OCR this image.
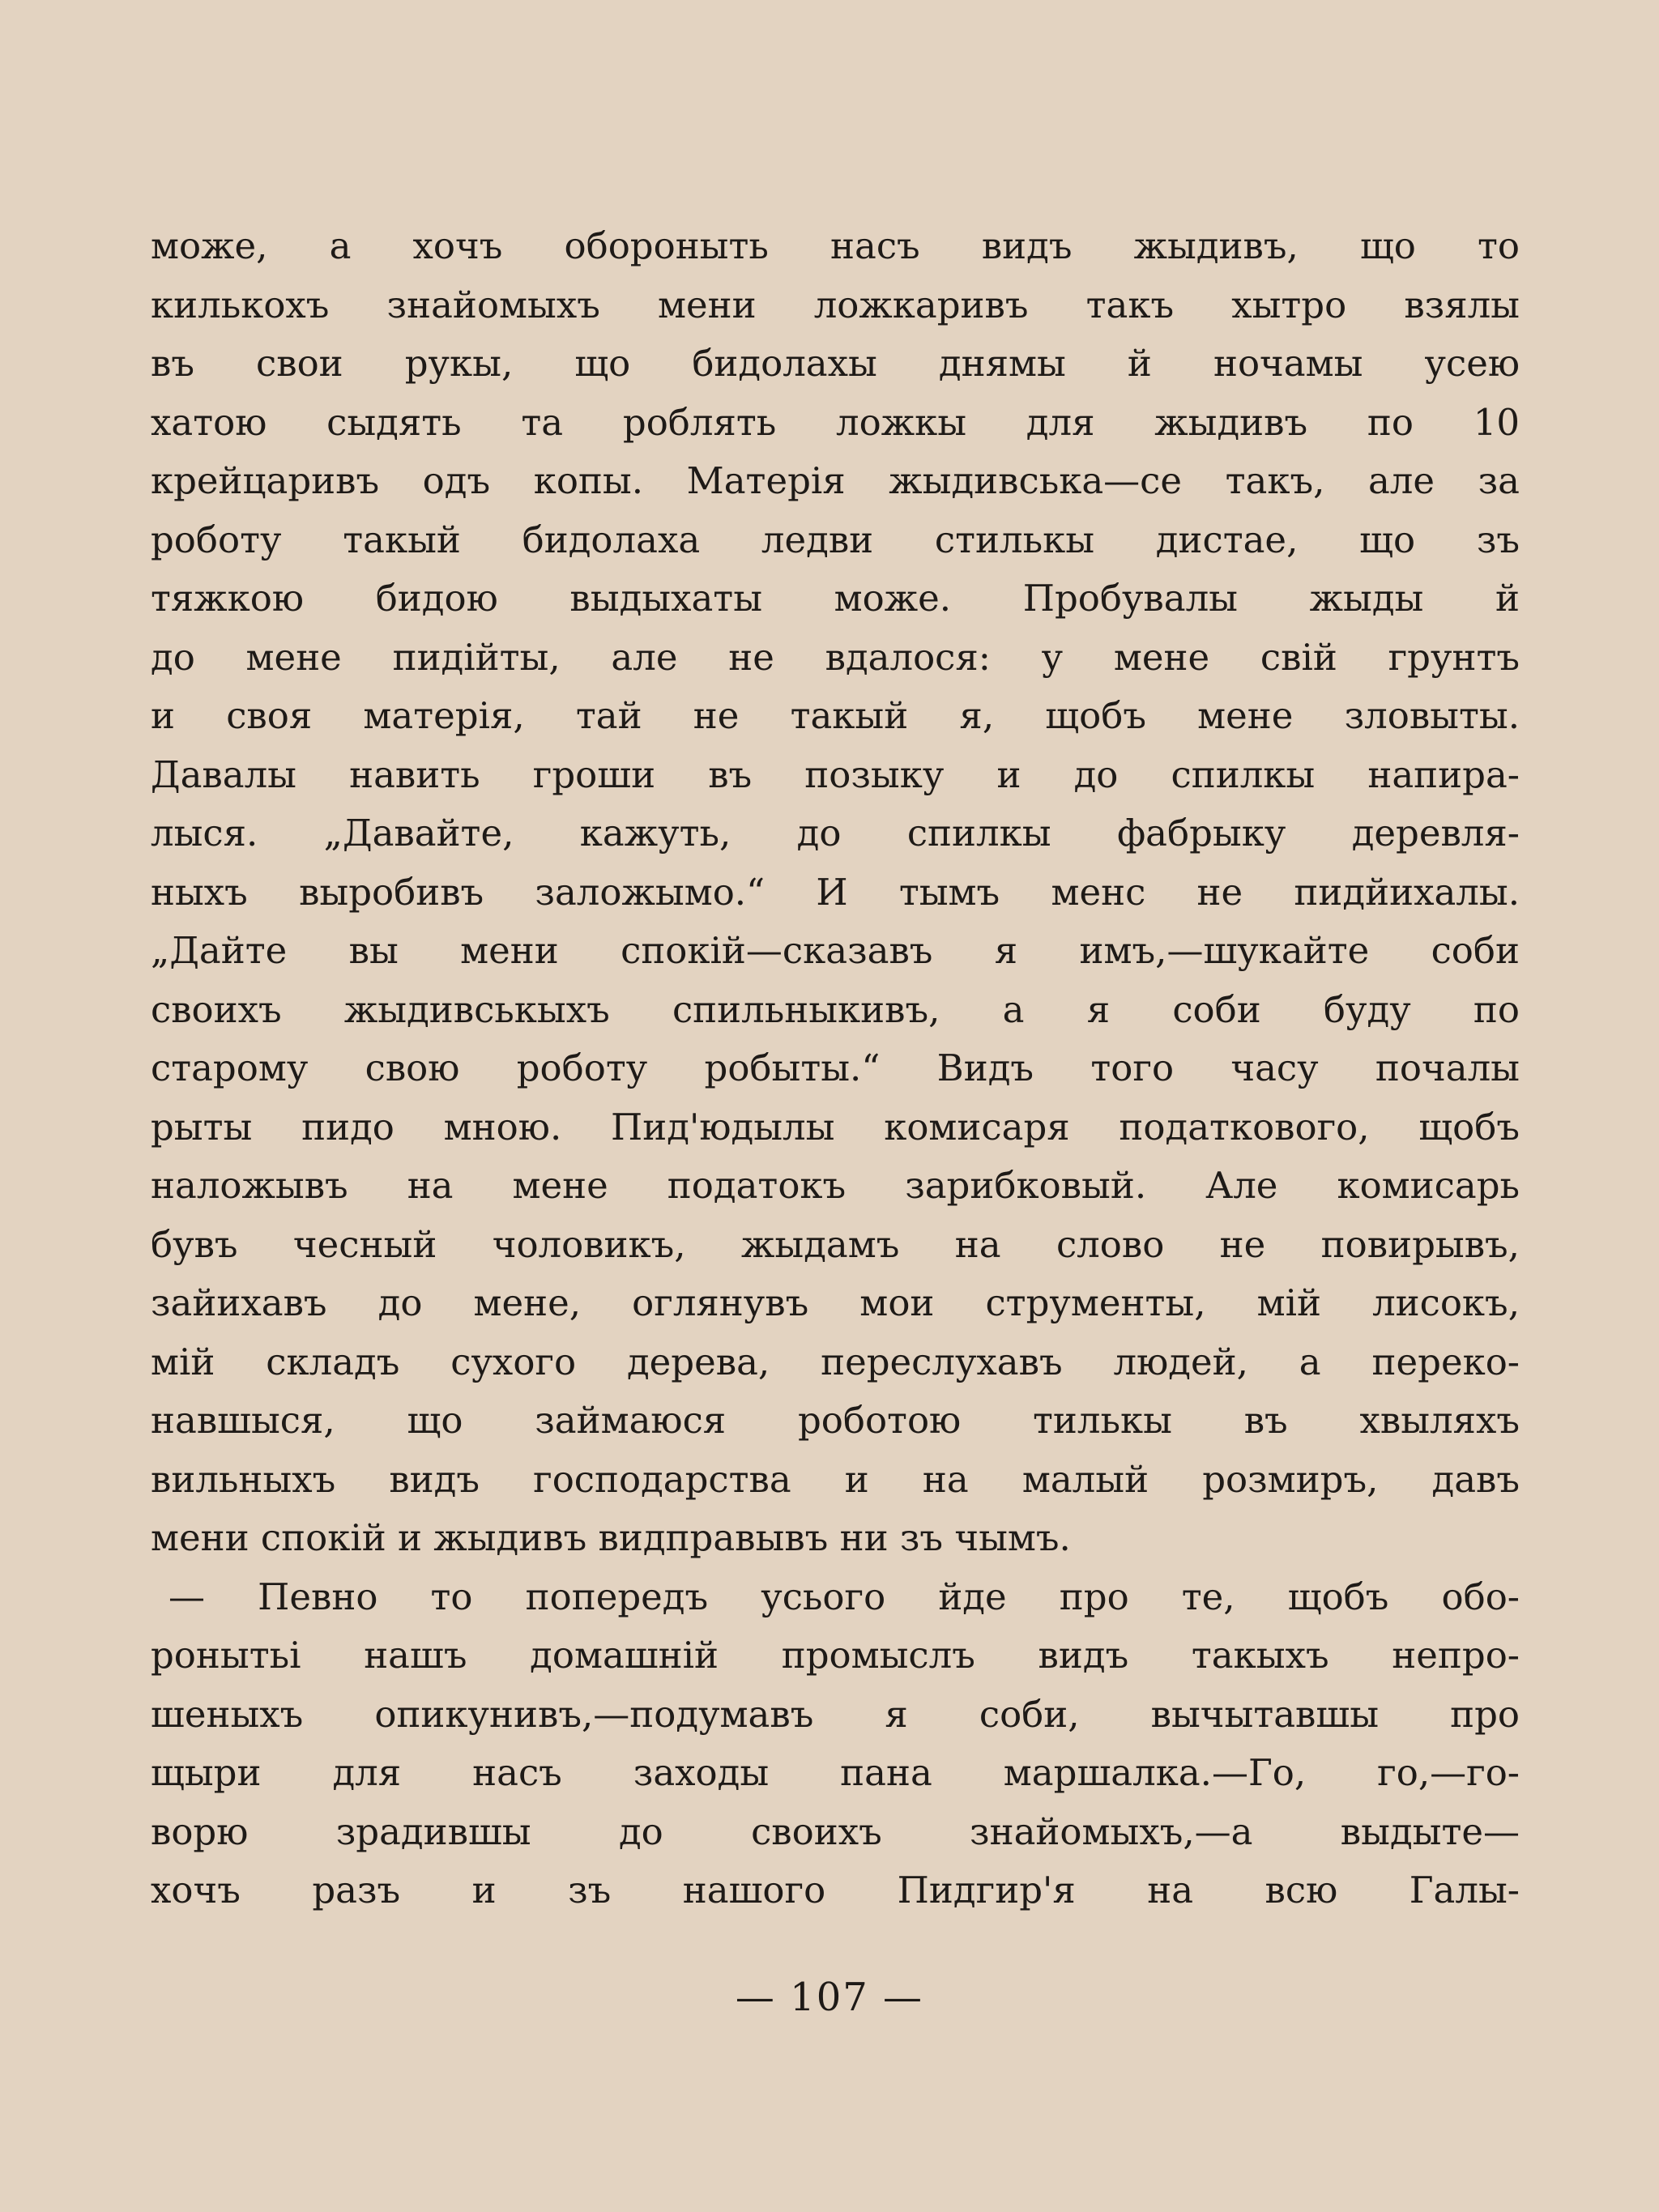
може, а хочъ обороныть насъ видъ жыдивъ, що то
килькохъ знайомыхъ мени ложкаривъ такъ хытро взялы
въ свои рукы, що бидолахы днямы й ночамы усею
хатою сыдять та роблять ложкы для жыдивъ по 10
крейцаривъ одъ копы. Матерія жыдивська—се такъ, але за
роботу такый бидолаха ледви стилькы дистае, що зъ
тяжкою бидою выдыхаты може. Пробувалы жыды й
до мене пидійты, але не вдалося: у мене свій грунтъ
и своя матерія, тай не такый я, щобъ мене зловыты.
Давалы навить гроши въ позыку и до спилкы напира-
лыся. „Давайте, кажуть, до спилкы фабрыку деревля-
ныхъ выробивъ заложымо.“ И тымъ менс не пидйихалы.
„Дайте вы мени спокій—сказавъ я имъ,—шукайте соби
своихъ жыдивськыхъ спильныкивъ, а я соби буду по
старому свою роботу робыты.“ Видъ того часу почалы
рыты пидо мною. Пид'юдылы комисаря податкового, щобъ
наложывъ на мене податокъ зарибковый. Але комисарь
бувъ чесный чоловикъ, жыдамъ на слово не повирывъ,
зайихавъ до мене, оглянувъ мои струменты, мій лисокъ,
мій складъ сухого дерева, переслухавъ людей, а переко-
навшыся, що займаюся роботою тилькы въ хвыляхъ
вильныхъ видъ господарства и на малый розмиръ, давъ
мени спокій и жыдивъ видправывъ ни зъ чымъ.
— Певно то попередъ усього йде про те, щобъ обо-
ронытьі нашъ домашній промыслъ видъ такыхъ непро-
шеныхъ опикунивъ,—подумавъ я соби, вычытавшы про
щыри для насъ заходы пана маршалка.—Го, го,—го-
ворю зрадившы до своихъ знайомыхъ,—а выдыте—
хочъ разъ и зъ нашого Пидгир'я на всю Галы-
— 107 —
